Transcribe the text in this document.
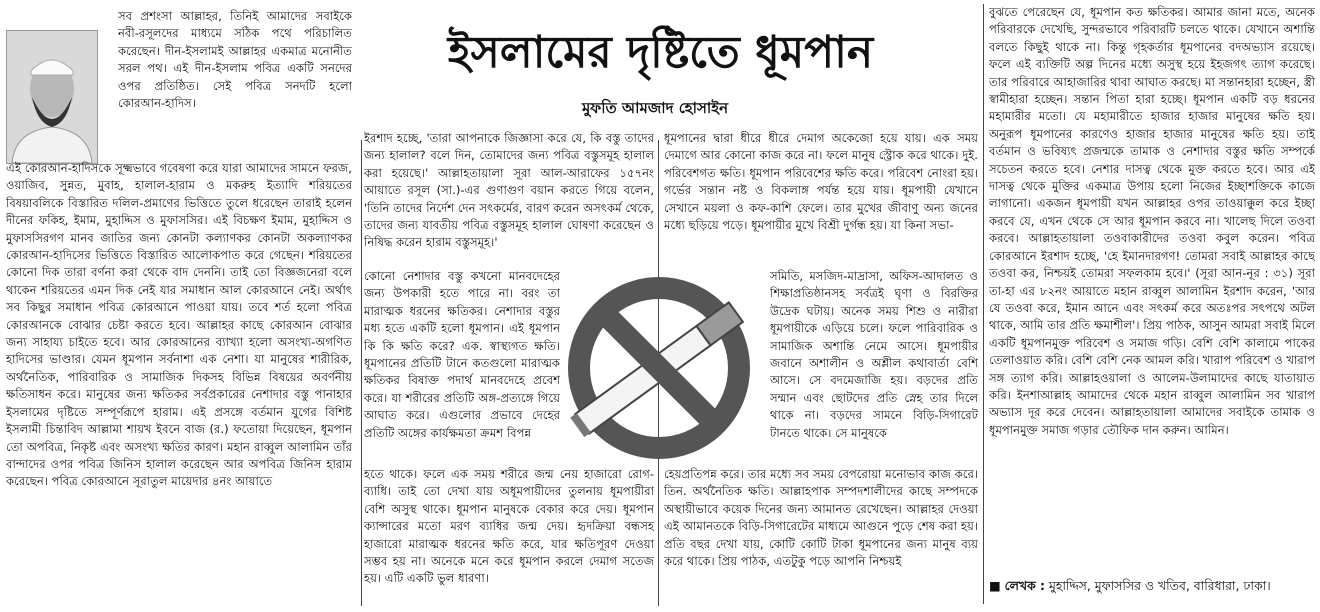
সব প্রশংসা আল্লাহর, তিনিই আমাদের সবাইকে নবী-রসূলদের মাধ্যমে সঠিক পথে পরিচালিত করেছেন। দীন-ইসলামই আল্লাহর একমাত্র মনোনীত সরল পথ। এই দীন-ইসলাম পবিত্র একটি সনদের ওপর প্রতিষ্ঠিত। সেই পবিত্র সনদটি হলো কোরআন-হাদিস।

এই কোরআন-হাদিসকে সূক্ষ্মভাবে গবেষণা করে যারা আমাদের সামনে ফরজ, ওয়াজিব, সুন্নত, মুবাহ, হালাল-হারাম ও মকরুহ ইত্যাদি শরিয়তের বিষয়াবলিকে বিস্তারিত দলিল-প্রমাণের ভিত্তিতে তুলে ধরেছেন তারাই হলেন দীনের ফকিহ, ইমাম, মুহাদ্দিস ও মুফাসসির। এই বিচক্ষণ ইমাম, মুহাদ্দিস ও মুফাসসিরগণ মানব জাতির জন্য কোনটা কল্যাণকর কোনটা অকল্যাণকর কোরআন-হাদিসের ভিত্তিতে বিস্তারিত আলোকপাত করে গেছেন। শরিয়তের কোনো দিক তারা বর্ণনা করা থেকে বাদ দেননি। তাই তো বিজ্ঞজনেরা বলে থাকেন শরিয়তের এমন দিক নেই যার সমাধান আল কোরআনে নেই। অর্থাৎ সব কিছুর সমাধান পবিত্র কোরআনে পাওয়া যায়। তবে শর্ত হলো পবিত্র কোরআনকে বোঝার চেষ্টা করতে হবে। আল্লাহর কাছে কোরআন বোঝার জন্য সাহায্য চাইতে হবে। আর কোরআনের ব্যাখ্যা হলো অসংখ্য-অগণিত হাদিসের ভাণ্ডার। যেমন ধূমপান সর্বনাশা এক নেশা। যা মানুষের শারীরিক, অর্থনৈতিক, পারিবারিক ও সামাজিক দিকসহ বিভিন্ন বিষয়ের অবর্ণনীয় ক্ষতিসাধন করে। মানুষের জন্য ক্ষতিকর সর্বপ্রকারের নেশাদার বস্তু পানাহার ইসলামের দৃষ্টিতে সম্পূর্ণরূপে হারাম। এই প্রসঙ্গে বর্তমান যুগের বিশিষ্ট ইসলামী চিন্তাবিদ আল্লামা শায়খ ইবনে বাজ (র.) ফতোয়া দিয়েছেন, ধূমপান তো অপবিত্র, নিকৃষ্ট এবং অসংখ্য ক্ষতির কারণ। মহান রাব্বুল আলামিন তাঁর বান্দাদের ওপর পবিত্র জিনিস হালাল করেছেন আর অপবিত্র জিনিস হারাম করেছেন। পবিত্র কোরআনে সূরাতুল মায়েদার ৪নং আয়াতে

ইসলামের দৃষ্টিতে ধূমপান

মুফতি আমজাদ হোসাইন

ইরশাদ হচ্ছে, 'তারা আপনাকে জিজ্ঞাসা করে যে, কি বস্তু তাদের জন্য হালাল? বলে দিন, তোমাদের জন্য পবিত্র বস্তুসমূহ হালাল করা হয়েছে।' আল্লাহতায়ালা সূরা আল-আরাফের ১৫৭নং আয়াতে রসূল (সা.)-এর গুণাগুণ বয়ান করতে গিয়ে বলেন, 'তিনি তাদের নির্দেশ দেন সৎকর্মের, বারণ করেন অসৎকর্ম থেকে, তাদের জন্য যাবতীয় পবিত্র বস্তুসমূহ হালাল ঘোষণা করেছেন ও নিষিদ্ধ করেন হারাম বস্তুসমূহ।'

কোনো নেশাদার বস্তু কখনো মানবদেহের জন্য উপকারী হতে পারে না। বরং তা মারাত্মক ধরনের ক্ষতিকর। নেশাদার বস্তুর মধ্য হতে একটি হলো ধূমপান। এই ধূমপান কি কি ক্ষতি করে? এক. স্বাস্থ্যগত ক্ষতি। ধূমপানের প্রতিটি টানে কতগুলো মারাত্মক ক্ষতিকর বিষাক্ত পদার্থ মানবদেহে প্রবেশ করে। যা শরীরের প্রতিটি অঙ্গ-প্রত্যঙ্গে গিয়ে আঘাত করে। এগুলোর প্রভাবে দেহের প্রতিটি অঙ্গের কার্যক্ষমতা ক্রমশ বিপন্ন

হতে থাকে। ফলে এক সময় শরীরে জন্ম নেয় হাজারো রোগ-ব্যাধি। তাই তো দেখা যায় অধূমপায়ীদের তুলনায় ধূমপায়ীরা বেশি অসুস্থ থাকে। ধূমপান মানুষকে বেকার করে দেয়। ধূমপান ক্যান্সারের মতো মরণ ব্যাধির জন্ম দেয়। হৃদক্রিয়া বন্ধসহ হাজারো মারাত্মক ধরনের ক্ষতি করে, যার ক্ষতিপূরণ দেওয়া সম্ভব হয় না। অনেকে মনে করে ধূমপান করলে দেমাগ সতেজ হয়। এটি একটি ভুল ধারণা।

ধূমপানের দ্বারা ধীরে ধীরে দেমাগ অকেজো হয়ে যায়। এক সময় দেমাগে আর কোনো কাজ করে না। ফলে মানুষ স্ট্রোক করে থাকে। দুই. পরিবেশগত ক্ষতি। ধূমপান পরিবেশের ক্ষতি করে। পরিবেশ নোংরা হয়। গর্ভের সন্তান নষ্ট ও বিকলাঙ্গ পর্যন্ত হয়ে যায়। ধূমপায়ী যেখানে সেখানে ময়লা ও কফ-কাশি ফেলে। তার মুখের জীবাণু অন্য জনের মধ্যে ছড়িয়ে পড়ে। ধূমপায়ীর মুখে বিশ্রী দুর্গন্ধ হয়। যা কিনা সভা-

সমিতি, মসজিদ-মাদ্রাসা, অফিস-আদালত ও শিক্ষাপ্রতিষ্ঠানসহ সর্বত্রই ঘৃণা ও বিরক্তির উদ্রেক ঘটায়। অনেক সময় শিশু ও নারীরা ধূমপায়ীকে এড়িয়ে চলে। ফলে পারিবারিক ও সামাজিক অশান্তি নেমে আসে। ধূমপায়ীর জবানে অশালীন ও অশ্লীল কথাবার্তা বেশি আসে। সে বদমেজাজি হয়। বড়দের প্রতি সম্মান এবং ছোটদের প্রতি স্নেহ তার দিলে থাকে না। বড়দের সামনে বিড়ি-সিগারেট টানতে থাকে। সে মানুষকে

হেয়প্রতিপন্ন করে। তার মধ্যে সব সময় বেপরোয়া মনোভাব কাজ করে। তিন. অর্থনৈতিক ক্ষতি। আল্লাহপাক সম্পদশালীদের কাছে সম্পদকে অস্থায়ীভাবে কয়েক দিনের জন্য আমানত রেখেছেন। আল্লাহর দেওয়া এই আমানতকে বিড়ি-সিগারেটের মাধ্যমে আগুনে পুড়ে শেষ করা হয়। প্রতি বছর দেখা যায়, কোটি কোটি টাকা ধূমপানের জন্য মানুষ ব্যয় করে থাকে। প্রিয় পাঠক, এতটুকু পড়ে আপনি নিশ্চয়ই

বুঝতে পেরেছেন যে, ধূমপান কত ক্ষতিকর। আমার জানা মতে, অনেক পরিবারকে দেখেছি, সুন্দরভাবে পরিবারটি চলতে থাকে। যেখানে অশান্তি বলতে কিছুই থাকে না। কিন্তু গৃহকর্তার ধূমপানের বদঅভ্যাস রয়েছে। ফলে এই ব্যক্তিটি অল্প দিনের মধ্যে অসুস্থ হয়ে ইহজগৎ ত্যাগ করেছে। তার পরিবারে আহাজারির থাবা আঘাত করছে। মা সন্তানহারা হচ্ছেন, স্ত্রী স্বামীহারা হচ্ছেন। সন্তান পিতা হারা হচ্ছে। ধূমপান একটি বড় ধরনের মহামারীর মতো। যে মহামারীতে হাজার হাজার মানুষের ক্ষতি হয়। অনুরূপ ধূমপানের কারণেও হাজার হাজার মানুষের ক্ষতি হয়। তাই বর্তমান ও ভবিষ্যৎ প্রজন্মকে তামাক ও নেশাদার বস্তুর ক্ষতি সম্পর্কে সচেতন করতে হবে। নেশার দাসত্ব থেকে মুক্ত করতে হবে। আর এই দাসত্ব থেকে মুক্তির একমাত্র উপায় হলো নিজের ইচ্ছাশক্তিকে কাজে লাগানো। একজন ধূমপায়ী যখন আল্লাহর ওপর তাওয়াক্কুল করে ইচ্ছা করবে যে, এখন থেকে সে আর ধূমপান করবে না। খালেছ দিলে তওবা করবে। আল্লাহতায়ালা তওবাকারীদের তওবা কবুল করেন। পবিত্র কোরআনে ইরশাদ হচ্ছে, 'হে ইমানদারগণ! তোমরা সবাই আল্লাহর কাছে তওবা কর, নিশ্চয়ই তোমরা সফলকাম হবে।' (সূরা আন-নূর : ৩১) সূরা তা-হা এর ৮২নং আয়াতে মহান রাব্বুল আলামিন ইরশাদ করেন, 'আর যে তওবা করে, ইমান আনে এবং সৎকর্ম করে অতঃপর সৎপথে অটল থাকে, আমি তার প্রতি ক্ষমাশীল'। প্রিয় পাঠক, আসুন আমরা সবাই মিলে একটি ধূমপানমুক্ত পরিবেশ ও সমাজ গড়ি। বেশি বেশি কালামে পাকের তেলাওয়াত করি। বেশি বেশি নেক আমল করি। খারাপ পরিবেশ ও খারাপ সঙ্গ ত্যাগ করি। আল্লাহওয়ালা ও আলেম-উলামাদের কাছে যাতায়াত করি। ইনশাআল্লাহ আমাদের থেকে মহান রাব্বুল আলামিন সব খারাপ অভ্যাস দূর করে দেবেন। আল্লাহতায়ালা আমাদের সবাইকে তামাক ও ধূমপানমুক্ত সমাজ গড়ার তৌফিক দান করুন। আমিন।

■ লেখক : মুহাদ্দিস, মুফাসসির ও খতিব, বারিধারা, ঢাকা।
